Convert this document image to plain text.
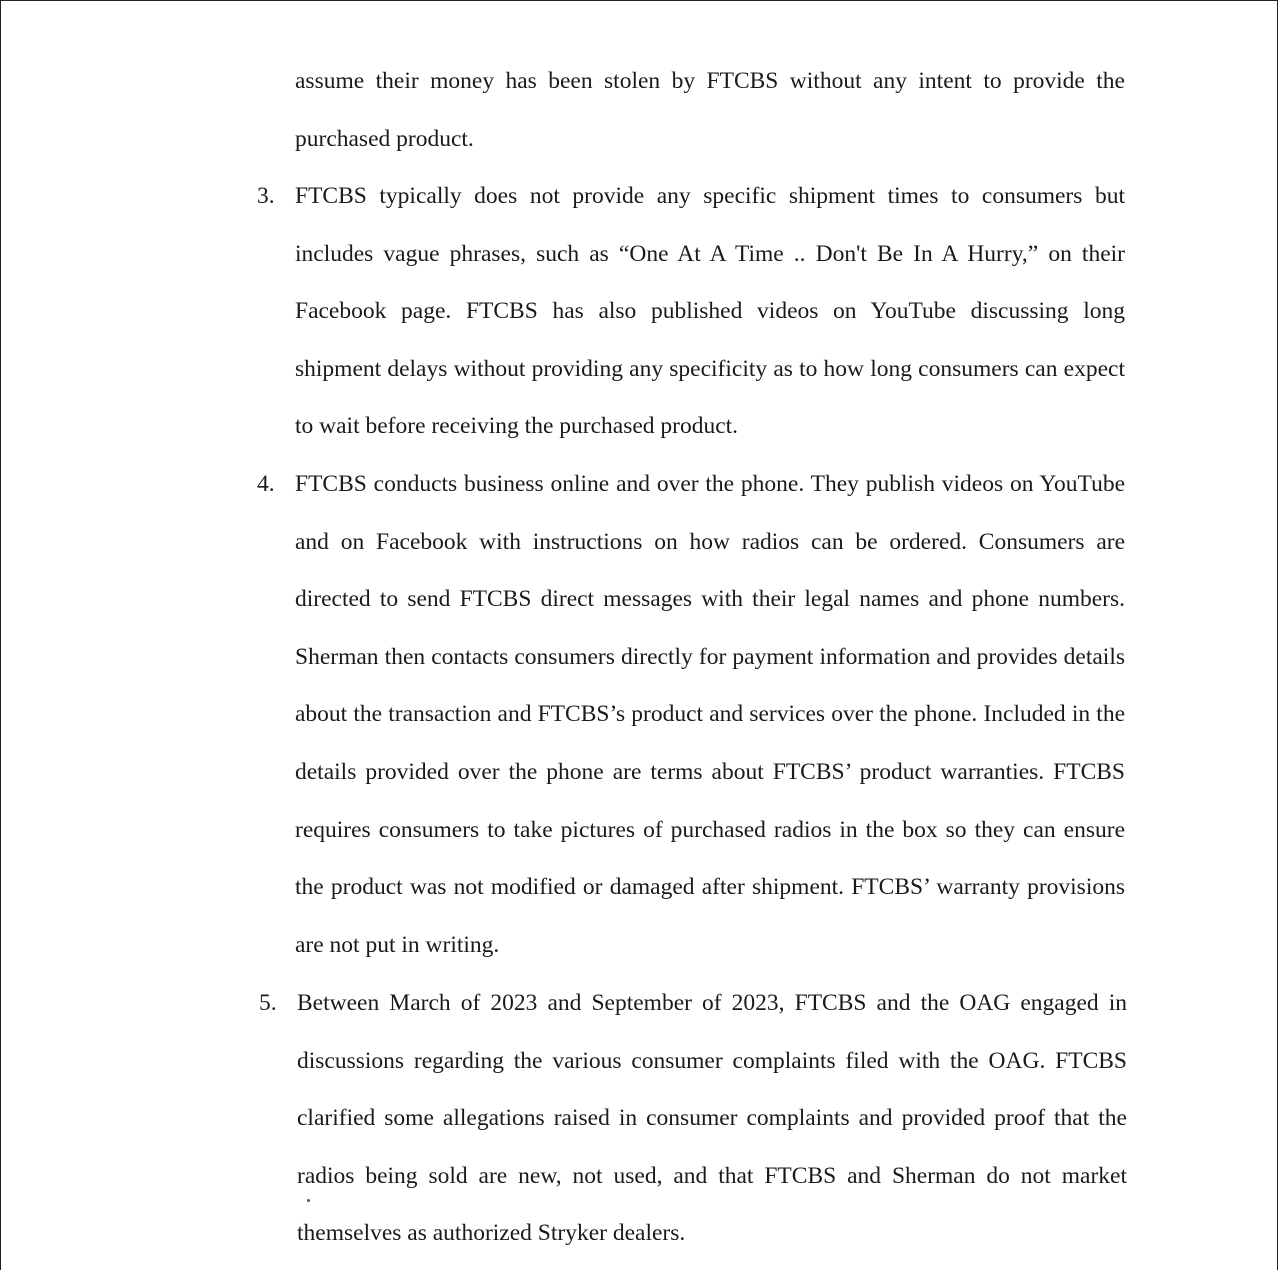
assume their money has been stolen by FTCBS without any intent to provide the purchased product.

3. FTCBS typically does not provide any specific shipment times to consumers but includes vague phrases, such as “One At A Time .. Don't Be In A Hurry,” on their Facebook page. FTCBS has also published videos on YouTube discussing long shipment delays without providing any specificity as to how long consumers can expect to wait before receiving the purchased product.

4. FTCBS conducts business online and over the phone. They publish videos on YouTube and on Facebook with instructions on how radios can be ordered. Consumers are directed to send FTCBS direct messages with their legal names and phone numbers. Sherman then contacts consumers directly for payment information and provides details about the transaction and FTCBS’s product and services over the phone. Included in the details provided over the phone are terms about FTCBS’ product warranties. FTCBS requires consumers to take pictures of purchased radios in the box so they can ensure the product was not modified or damaged after shipment. FTCBS’ warranty provisions are not put in writing.

5. Between March of 2023 and September of 2023, FTCBS and the OAG engaged in discussions regarding the various consumer complaints filed with the OAG. FTCBS clarified some allegations raised in consumer complaints and provided proof that the radios being sold are new, not used, and that FTCBS and Sherman do not market themselves as authorized Stryker dealers.
